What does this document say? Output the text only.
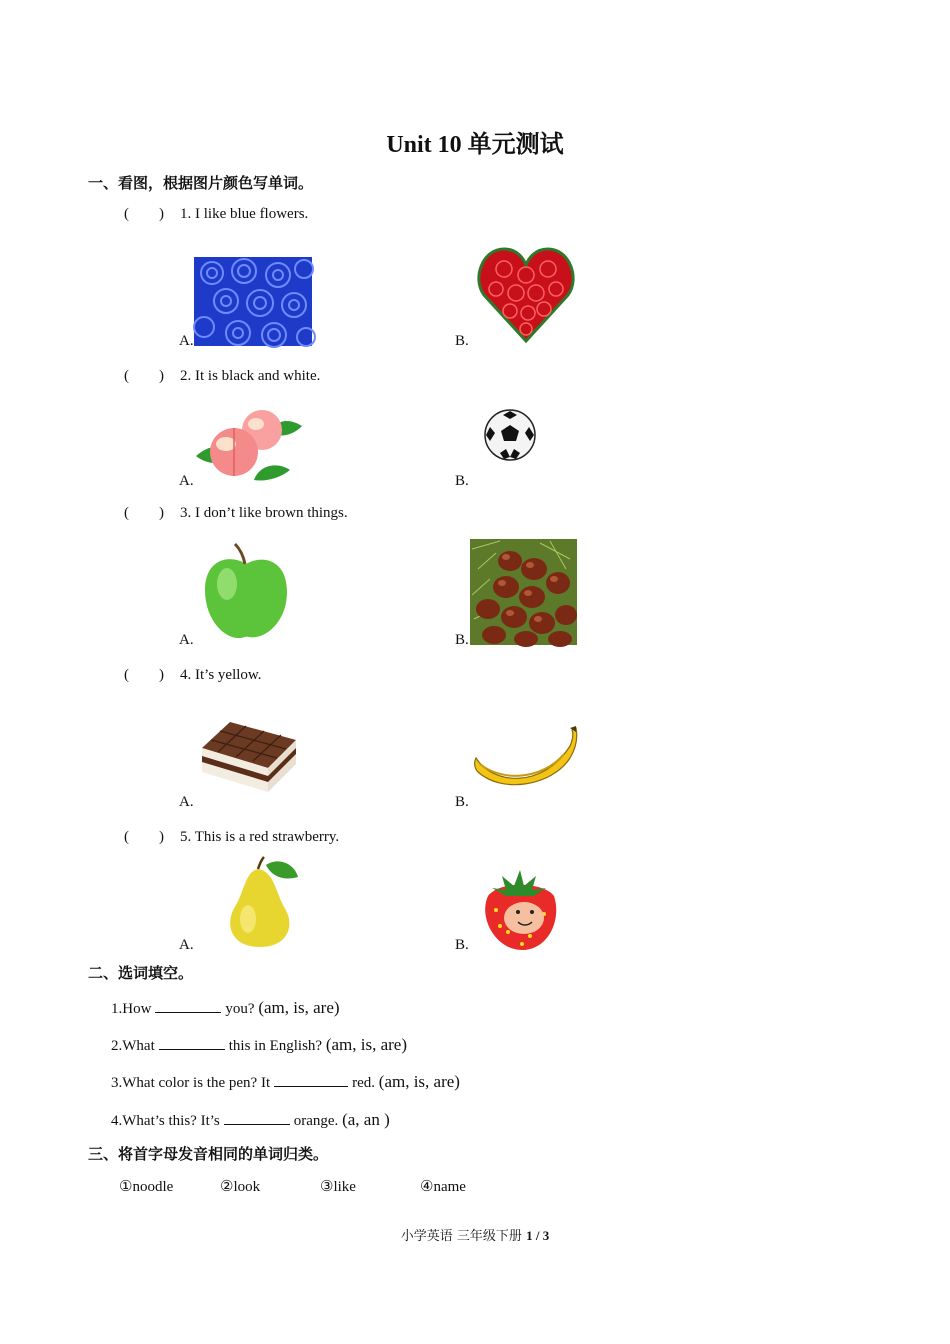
Unit 10 单元测试
一、看图，根据图片颜色写单词。
(        ) 1. I like blue flowers.
A.	B.
(        ) 2. It is black and white.
A.	B.
(        ) 3. I don’t like brown things.
A.	B.
(        ) 4. It’s yellow.
A.	B.
(        ) 5. This is a red strawberry.
A.	B.
二、选词填空。
1.How	you? (am, is, are)
2.What	this in English? (am, is, are)
3.What color is the pen? It	red. (am, is, are)
4.What’s this? It’s	orange. (a, an )
三、将首字母发音相同的单词归类。
①noodle	②look	③like	④name
小学英语 三年级下册 1 / 3
